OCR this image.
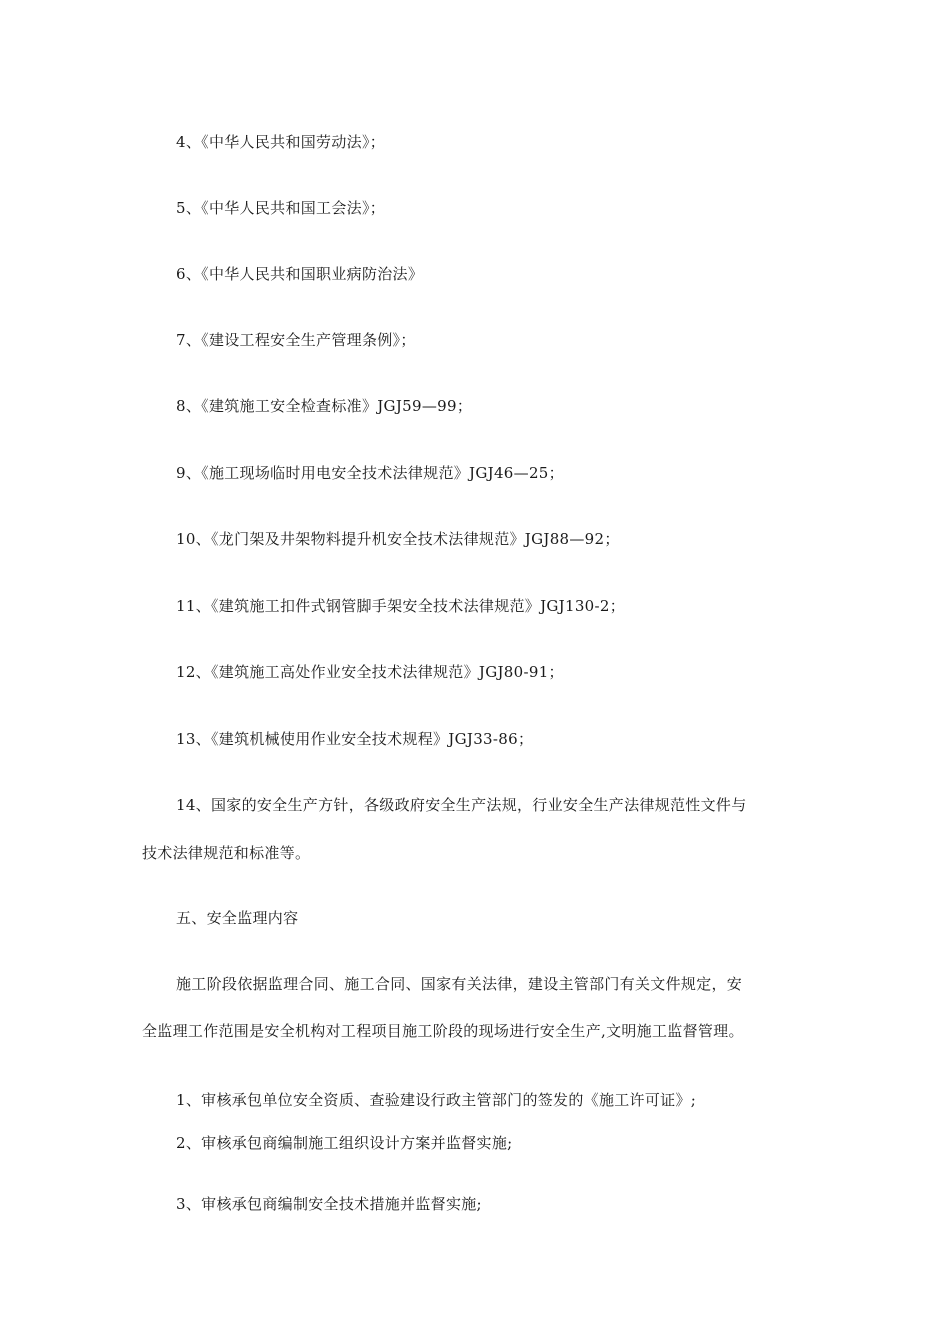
4、《中华人民共和国劳动法》；
5、《中华人民共和国工会法》；
6、《中华人民共和国职业病防治法》
7、《建设工程安全生产管理条例》；
8、《建筑施工安全检查标准》JGJ59—99；
9、《施工现场临时用电安全技术法律规范》JGJ46—25；
10、《龙门架及井架物料提升机安全技术法律规范》JGJ88—92；
11、《建筑施工扣件式钢管脚手架安全技术法律规范》JGJ130-2；
12、《建筑施工高处作业安全技术法律规范》JGJ80-91；
13、《建筑机械使用作业安全技术规程》JGJ33-86；
14、国家的安全生产方针，各级政府安全生产法规，行业安全生产法律规范性文件与
技术法律规范和标准等。
五、安全监理内容
施工阶段依据监理合同、施工合同、国家有关法律，建设主管部门有关文件规定，安
全监理工作范围是安全机构对工程项目施工阶段的现场进行安全生产,文明施工监督管理。
1、审核承包单位安全资质、查验建设行政主管部门的签发的《施工许可证》;
2、审核承包商编制施工组织设计方案并监督实施;
3、审核承包商编制安全技术措施并监督实施;
